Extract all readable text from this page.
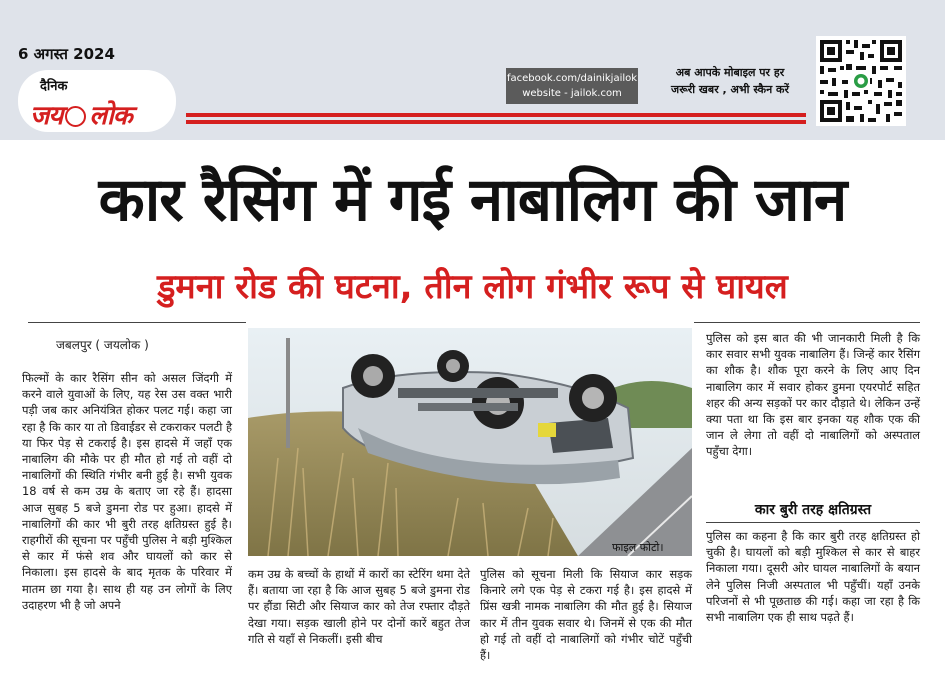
6 अगस्त 2024
दैनिक
जय लोक
facebook.com/dainikjailok
website - jailok.com
अब आपके मोबाइल पर हर
जरूरी खबर , अभी स्कैन करें
कार रैसिंग में गई नाबालिग की जान
डुमना रोड की घटना, तीन लोग गंभीर रूप से घायल
जबलपुर ( जयलोक )
फिल्मों के कार रैसिंग सीन को असल जिंदगी में करने वाले युवाओं के लिए, यह रेस उस वक्त भारी पड़ी जब कार अनियंत्रित होकर पलट गई। कहा जा रहा है कि कार या तो डिवाईडर से टकराकर पलटी है या फिर पेड़ से टकराई है। इस हादसे में जहाँ एक नाबालिग की मौके पर ही मौत हो गई तो वहीं दो नाबालिगों की स्थिति गंभीर बनी हुई है। सभी युवक 18 वर्ष से कम उम्र के बताए जा रहे हैं। हादसा आज सुबह 5 बजे डुमना रोड पर हुआ। हादसे में नाबालिगों की कार भी बुरी तरह क्षतिग्रस्त हुई है। राहगीरों की सूचना पर पहुँची पुलिस ने बड़ी मुश्किल से कार में फंसे शव और घायलों को कार से निकाला। इस हादसे के बाद मृतक के परिवार में मातम छा गया है। साथ ही यह उन लोगों के लिए उदाहरण भी है जो अपने
फाइल फोटो।
कम उम्र के बच्चों के हाथों में कारों का स्टेरिंग थमा देते हैं। बताया जा रहा है कि आज सुबह 5 बजे डुमना रोड पर हौंडा सिटी और सियाज कार को तेज रफ्तार दौड़ते देखा गया। सड़क खाली होने पर दोनों कारें बहुत तेज गति से यहाँ से निकलीं। इसी बीच
पुलिस को सूचना मिली कि सियाज कार सड़क किनारे लगे एक पेड़ से टकरा गई है। इस हादसे में प्रिंस खत्री नामक नाबालिग की मौत हुई है। सियाज कार में तीन युवक सवार थे। जिनमें से एक की मौत हो गई तो वहीं दो नाबालिगों को गंभीर चोटें पहुँची हैं।
पुलिस को इस बात की भी जानकारी मिली है कि कार सवार सभी युवक नाबालिग हैं। जिन्हें कार रैसिंग का शौक है। शौक पूरा करने के लिए आए दिन नाबालिग कार में सवार होकर डुमना एयरपोर्ट सहित शहर की अन्य सड़कों पर कार दौड़ाते थे। लेकिन उन्हें क्या पता था कि इस बार इनका यह शौक एक की जान ले लेगा तो वहीं दो नाबालिगों को अस्पताल पहुँचा देगा।
कार बुरी तरह क्षतिग्रस्त
पुलिस का कहना है कि कार बुरी तरह क्षतिग्रस्त हो चुकी है। घायलों को बड़ी मुश्किल से कार से बाहर निकाला गया। दूसरी ओर घायल नाबालिगों के बयान लेने पुलिस निजी अस्पताल भी पहुँचीं। यहाँ उनके परिजनों से भी पूछताछ की गई। कहा जा रहा है कि सभी नाबालिग एक ही साथ पढ़ते हैं।
